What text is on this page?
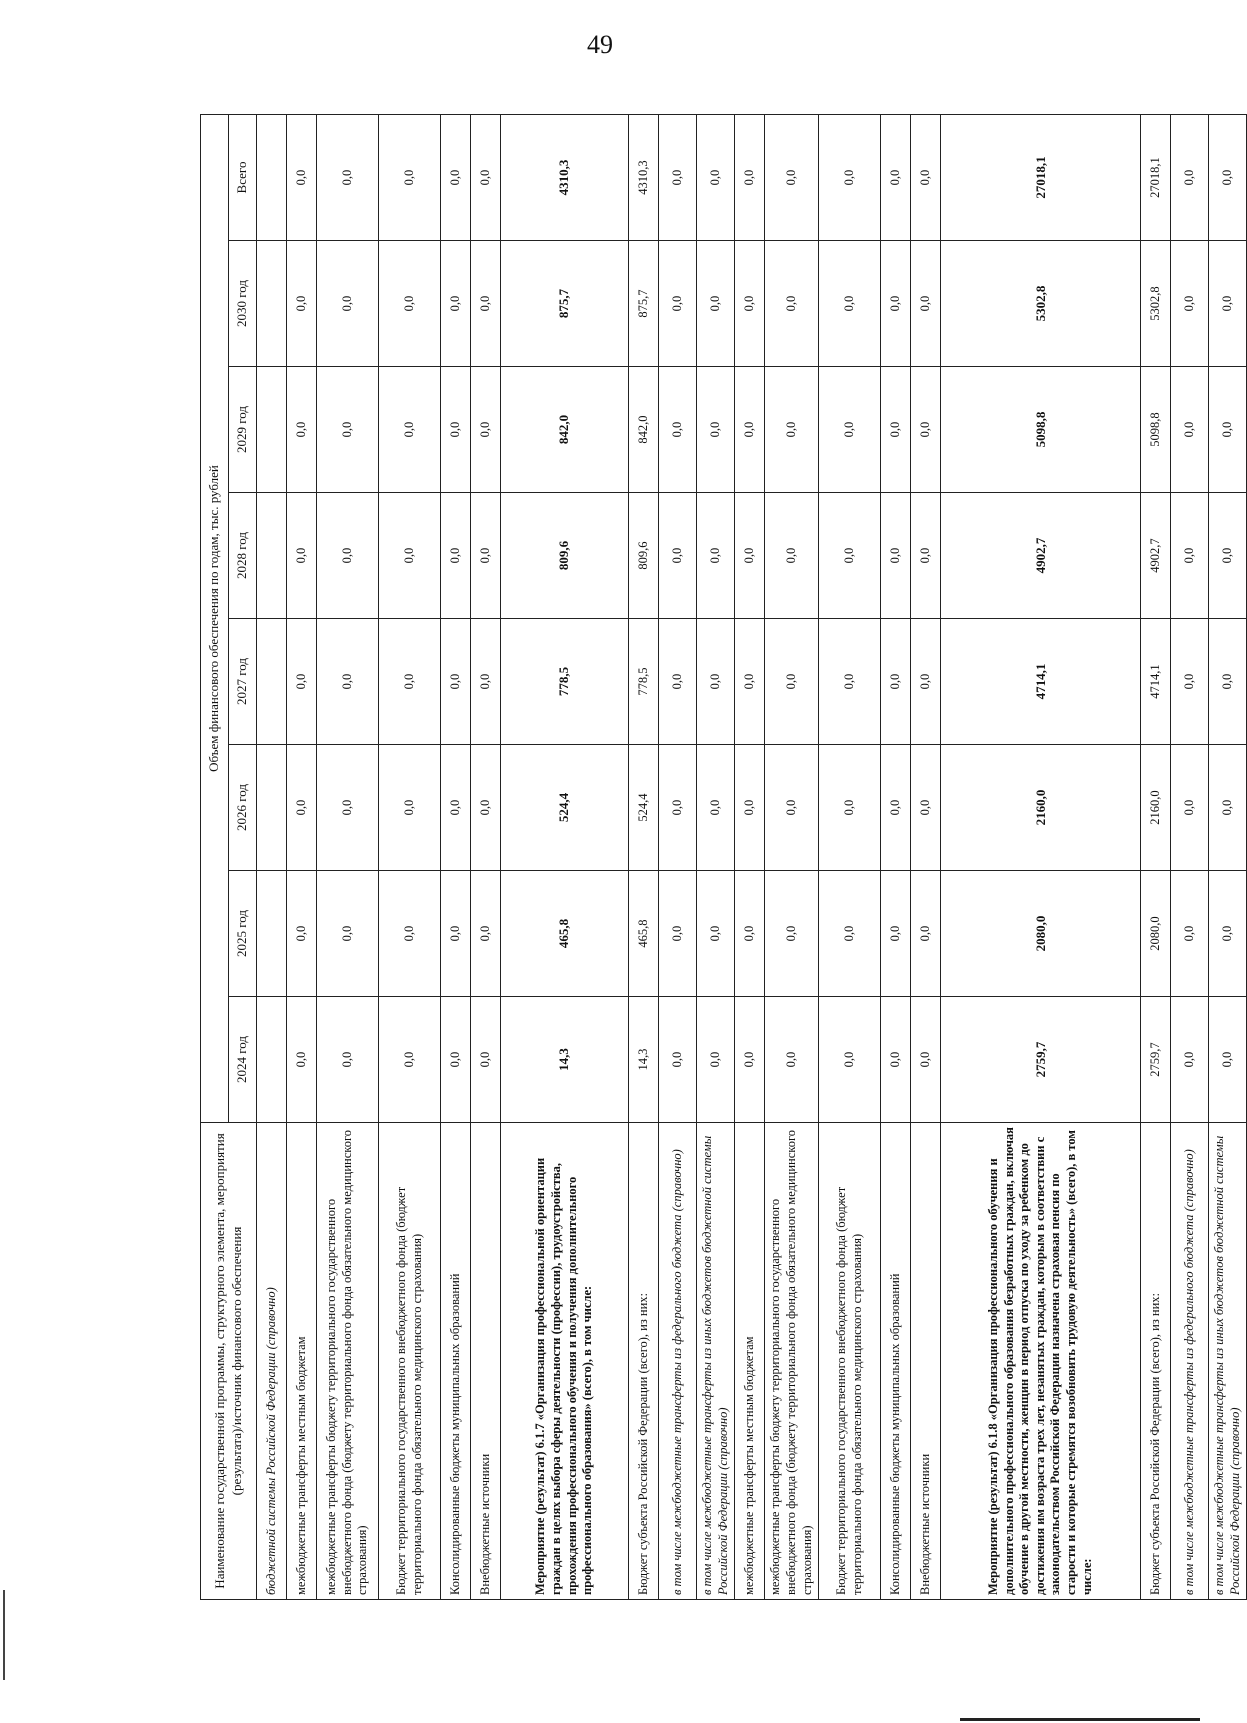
49
Наименование государственной программы, структурного элемента, мероприятия (результата)/источник финансового обеспечения	Объем финансового обеспечения по годам, тыс. рублей							
	2024 год	2025 год	2026 год	2027 год	2028 год	2029 год	2030 год	Всего
бюджетной системы Российской Федерации (справочно)								
межбюджетные трансферты местным бюджетам	0,0	0,0	0,0	0,0	0,0	0,0	0,0	0,0
межбюджетные трансферты бюджету территориального государственного внебюджетного фонда (бюджету территориального фонда обязательного медицинского страхования)	0,0	0,0	0,0	0,0	0,0	0,0	0,0	0,0
Бюджет территориального государственного внебюджетного фонда (бюджет территориального фонда обязательного медицинского страхования)	0,0	0,0	0,0	0,0	0,0	0,0	0,0	0,0
Консолидированные бюджеты муниципальных образований	0,0	0,0	0,0	0,0	0,0	0,0	0,0	0,0
Внебюджетные источники	0,0	0,0	0,0	0,0	0,0	0,0	0,0	0,0
Мероприятие (результат) 6.1.7 «Организация профессиональной ориентации граждан в целях выбора сферы деятельности (профессии), трудоустройства, прохождения профессионального обучения и получения дополнительного профессионального образования» (всего), в том числе:	14,3	465,8	524,4	778,5	809,6	842,0	875,7	4310,3
Бюджет субъекта Российской Федерации (всего), из них:	14,3	465,8	524,4	778,5	809,6	842,0	875,7	4310,3
в том числе межбюджетные трансферты из федерального бюджета (справочно)	0,0	0,0	0,0	0,0	0,0	0,0	0,0	0,0
в том числе межбюджетные трансферты из иных бюджетов бюджетной системы Российской Федерации (справочно)	0,0	0,0	0,0	0,0	0,0	0,0	0,0	0,0
межбюджетные трансферты местным бюджетам	0,0	0,0	0,0	0,0	0,0	0,0	0,0	0,0
межбюджетные трансферты бюджету территориального государственного внебюджетного фонда (бюджету территориального фонда обязательного медицинского страхования)	0,0	0,0	0,0	0,0	0,0	0,0	0,0	0,0
Бюджет территориального государственного внебюджетного фонда (бюджет территориального фонда обязательного медицинского страхования)	0,0	0,0	0,0	0,0	0,0	0,0	0,0	0,0
Консолидированные бюджеты муниципальных образований	0,0	0,0	0,0	0,0	0,0	0,0	0,0	0,0
Внебюджетные источники	0,0	0,0	0,0	0,0	0,0	0,0	0,0	0,0
Мероприятие (результат) 6.1.8 «Организация профессионального обучения и дополнительного профессионального образования безработных граждан, включая обучение в другой местности, женщин в период отпуска по уходу за ребенком до достижения им возраста трех лет, незанятых граждан, которым в соответствии с законодательством Российской Федерации назначена страховая пенсия по старости и которые стремятся возобновить трудовую деятельность» (всего), в том числе:	2759,7	2080,0	2160,0	4714,1	4902,7	5098,8	5302,8	27018,1
Бюджет субъекта Российской Федерации (всего), из них:	2759,7	2080,0	2160,0	4714,1	4902,7	5098,8	5302,8	27018,1
в том числе межбюджетные трансферты из федерального бюджета (справочно)	0,0	0,0	0,0	0,0	0,0	0,0	0,0	0,0
в том числе межбюджетные трансферты из иных бюджетов бюджетной системы Российской Федерации (справочно)	0,0	0,0	0,0	0,0	0,0	0,0	0,0	0,0
